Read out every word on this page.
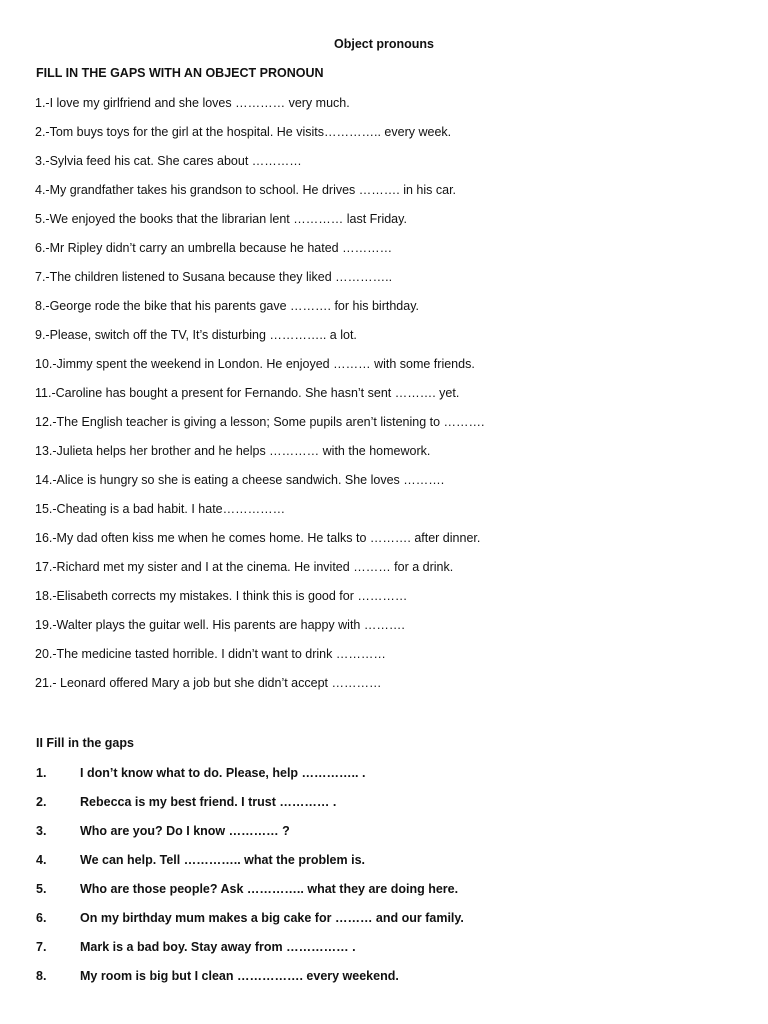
Object pronouns
FILL IN THE GAPS WITH AN OBJECT PRONOUN
1.-I love my girlfriend and she loves ………… very much.
2.-Tom buys toys for the girl at the hospital. He visits………….. every week.
3.-Sylvia feed his cat. She cares about …………
4.-My grandfather takes his grandson to school. He drives ………. in his car.
5.-We enjoyed the books that the librarian lent ………… last Friday.
6.-Mr Ripley didn’t carry an umbrella because he hated …………
7.-The children listened to Susana because they liked …………..
8.-George rode the bike that his parents gave ………. for his birthday.
9.-Please, switch off the TV, It’s disturbing ………….. a lot.
10.-Jimmy spent the weekend in London. He enjoyed ……… with some friends.
11.-Caroline has bought a present for Fernando. She hasn’t sent ………. yet.
12.-The English teacher is giving a lesson; Some pupils aren’t listening to ……….
13.-Julieta helps her brother and he helps ………… with the homework.
14.-Alice is hungry so she is eating a cheese sandwich. She loves ……….
15.-Cheating is a bad habit. I hate……………
16.-My dad often kiss me when he comes home. He talks to ………. after dinner.
17.-Richard met my sister and I at the cinema. He invited ……… for a drink.
18.-Elisabeth corrects my mistakes. I think this is good for …………
19.-Walter plays the guitar well. His parents are happy with ……….
20.-The medicine tasted horrible. I didn’t want to drink …………
21.- Leonard offered Mary a job but she didn’t accept …………
II Fill in the gaps
1.	I don’t know what to do. Please, help ………….. .
2.	Rebecca is my best friend. I trust ………… .
3.	Who are you? Do I know ………… ?
4.	We can help. Tell ………….. what the problem is.
5.	Who are those people? Ask ………….. what they are doing here.
6.	On my birthday mum makes a big cake for ……… and our family.
7.	Mark is a bad boy. Stay away from …………… .
8.	My room is big but I clean ……………. every weekend.
